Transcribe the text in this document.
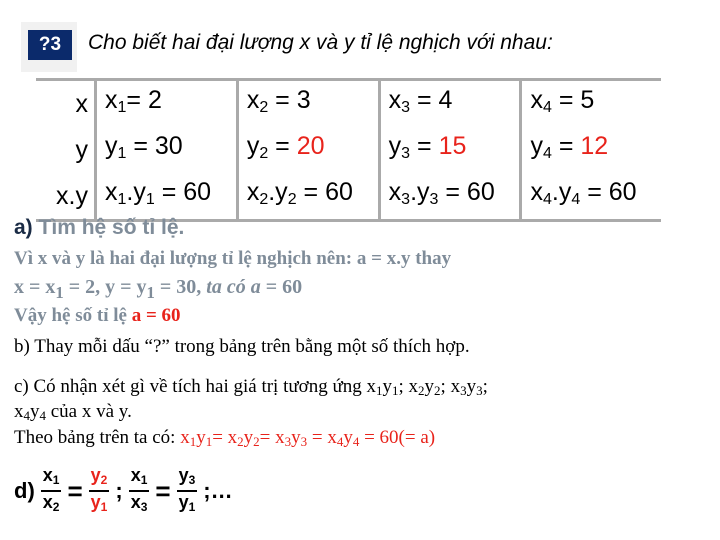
?3	Cho biết hai đại lượng x và y tỉ lệ nghịch với nhau:
x	$x_1= 2$	$x_2 = 3$	$x_3 = 4$	$x_4 = 5$
y	$y_1 = 30$	$y_2 = 20$	$y_3 = 15$	$y_4 = 12$
x.y	$x_1.y_1 = 60$	$x_2.y_2 = 60$	$x_3.y_3 = 60$	$x_4.y_4 = 60$
a) Tìm hệ số tỉ lệ.
Vì x và y là hai đại lượng tỉ lệ nghịch nên: a = x.y thay
$x = x_1 = 2$, $y = y_1 = 30$, ta có a = 60
Vậy hệ số tỉ lệ a = 60
b) Thay mỗi dấu “?” trong bảng trên bằng một số thích hợp.
c) Có nhận xét gì về tích hai giá trị tương ứng $x_1y_1$; $x_2y_2$; $x_3y_3$;
$x_4y_4$ của x và y.
Theo bảng trên ta có: $x_1y_1= x_2y_2= x_3y_3 = x_4y_4 = 60(= a)$
$d) \frac{x_1}{x_2} = \frac{y_2}{y_1}$ ; $\frac{x_1}{x_3} = \frac{y_3}{y_1}$ ;…
